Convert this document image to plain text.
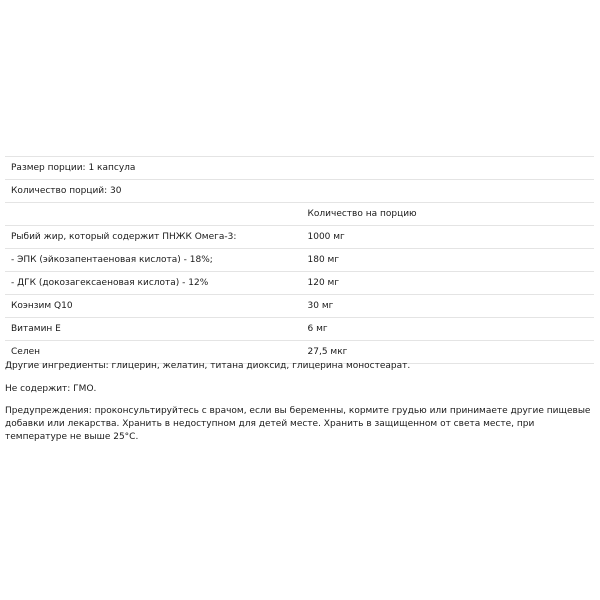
Размер порции: 1 капсула	
Количество порций: 30	
	Количество на порцию
Рыбий жир, который содержит ПНЖК Омега-3:	1000 мг
- ЭПК (эйкозапентаеновая кислота) - 18%;	180 мг
- ДГК (докозагексаеновая кислота) - 12%	120 мг
Коэнзим Q10	30 мг
Витамин Е	6 мг
Селен	27,5 мкг

Другие ингредиенты: глицерин, желатин, титана диоксид, глицерина моностеарат.

Не содержит: ГМО.

Предупреждения: проконсультируйтесь с врачом, если вы беременны, кормите грудью или принимаете другие пищевые добавки или лекарства. Хранить в недоступном для детей месте. Хранить в защищенном от света месте, при температуре не выше 25°С.
